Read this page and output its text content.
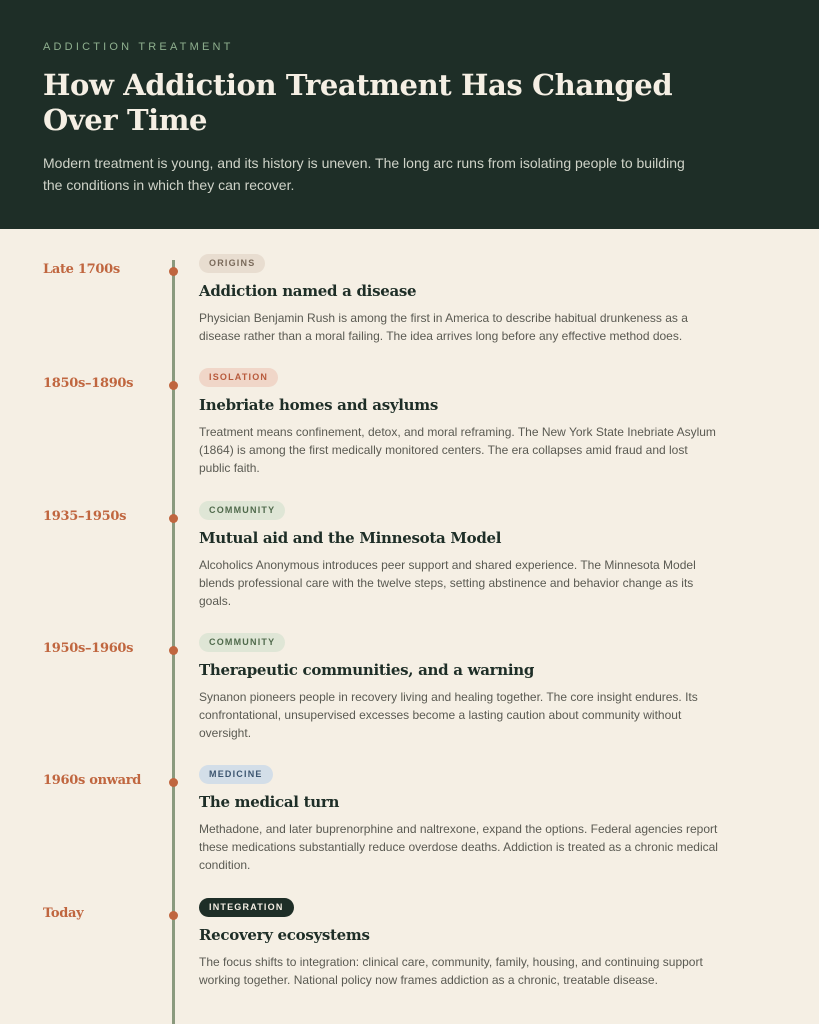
ADDICTION TREATMENT
How Addiction Treatment Has Changed Over Time

Modern treatment is young, and its history is uneven. The long arc runs from isolating people to building the conditions in which they can recover.

Late 1700s	ORIGINS
Addiction named a disease

Physician Benjamin Rush is among the first in America to describe habitual drunkeness as a disease rather than a moral failing. The idea arrives long before any effective method does.

1850s–1890s	ISOLATION
Inebriate homes and asylums

Treatment means confinement, detox, and moral reframing. The New York State Inebriate Asylum (1864) is among the first medically monitored centers. The era collapses amid fraud and lost public faith.

1935–1950s	COMMUNITY
Mutual aid and the Minnesota Model

Alcoholics Anonymous introduces peer support and shared experience. The Minnesota Model blends professional care with the twelve steps, setting abstinence and behavior change as its goals.

1950s–1960s	COMMUNITY
Therapeutic communities, and a warning

Synanon pioneers people in recovery living and healing together. The core insight endures. Its confrontational, unsupervised excesses become a lasting caution about community without oversight.

1960s onward	MEDICINE
The medical turn

Methadone, and later buprenorphine and naltrexone, expand the options. Federal agencies report these medications substantially reduce overdose deaths. Addiction is treated as a chronic medical condition.

Today	INTEGRATION
Recovery ecosystems

The focus shifts to integration: clinical care, community, family, housing, and continuing support working together. National policy now frames addiction as a chronic, treatable disease.
